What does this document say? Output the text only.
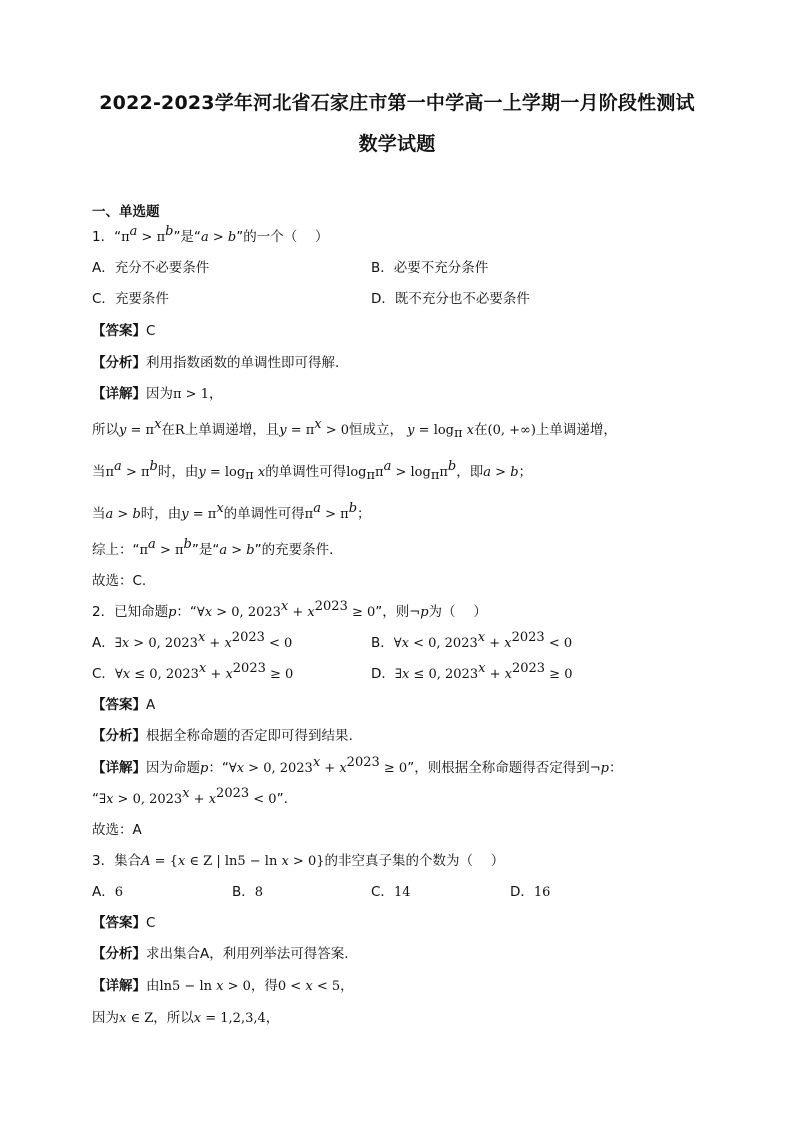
2022-2023学年河北省石家庄市第一中学高一上学期一月阶段性测试
数学试题
一、单选题
1．“$\pi^a > \pi^b$”是“a > b”的一个（　 ）
A．充分不必要条件	B．必要不充分条件
C．充要条件	D．既不充分也不必要条件
【答案】C
【分析】利用指数函数的单调性即可得解.
【详解】因为π > 1，
所以$y = \pi^x$在R上单调递增，且$y = \pi^x > 0$恒成立， $y = \log_\pi x$在(0, +∞)上单调递增，
当$\pi^a > \pi^b$时，由$y = \log_\pi x$的单调性可得$\log_\pi\pi^a > \log_\pi\pi^b$，即a > b；
当a > b时，由$y = \pi^x$的单调性可得$\pi^a > \pi^b$；
综上：“$\pi^a > \pi^b$”是“a > b”的充要条件.
故选：C.
2．已知命题p：“∀x > 0, $2023^x + x^{2023} \ge 0$”，则¬p为（　 ）
A．∃x > 0, $2023^x + x^{2023} < 0$	B．∀x < 0, $2023^x + x^{2023} < 0$
C．∀x ≤ 0, $2023^x + x^{2023} \ge 0$	D．∃x ≤ 0, $2023^x + x^{2023} \ge 0$
【答案】A
【分析】根据全称命题的否定即可得到结果.
【详解】因为命题p：“∀x > 0, $2023^x + x^{2023} \ge 0$”，则根据全称命题得否定得到¬p：
“∃x > 0, $2023^x + x^{2023} < 0$”.
故选：A
3．集合A = {x ∈ Z | ln5 − ln x > 0}的非空真子集的个数为（　 ）
A．6	B．8	C．14	D．16
【答案】C
【分析】求出集合A，利用列举法可得答案.
【详解】由ln5 − ln x > 0，得0 < x < 5，
因为x ∈ Z，所以x = 1,2,3,4，
